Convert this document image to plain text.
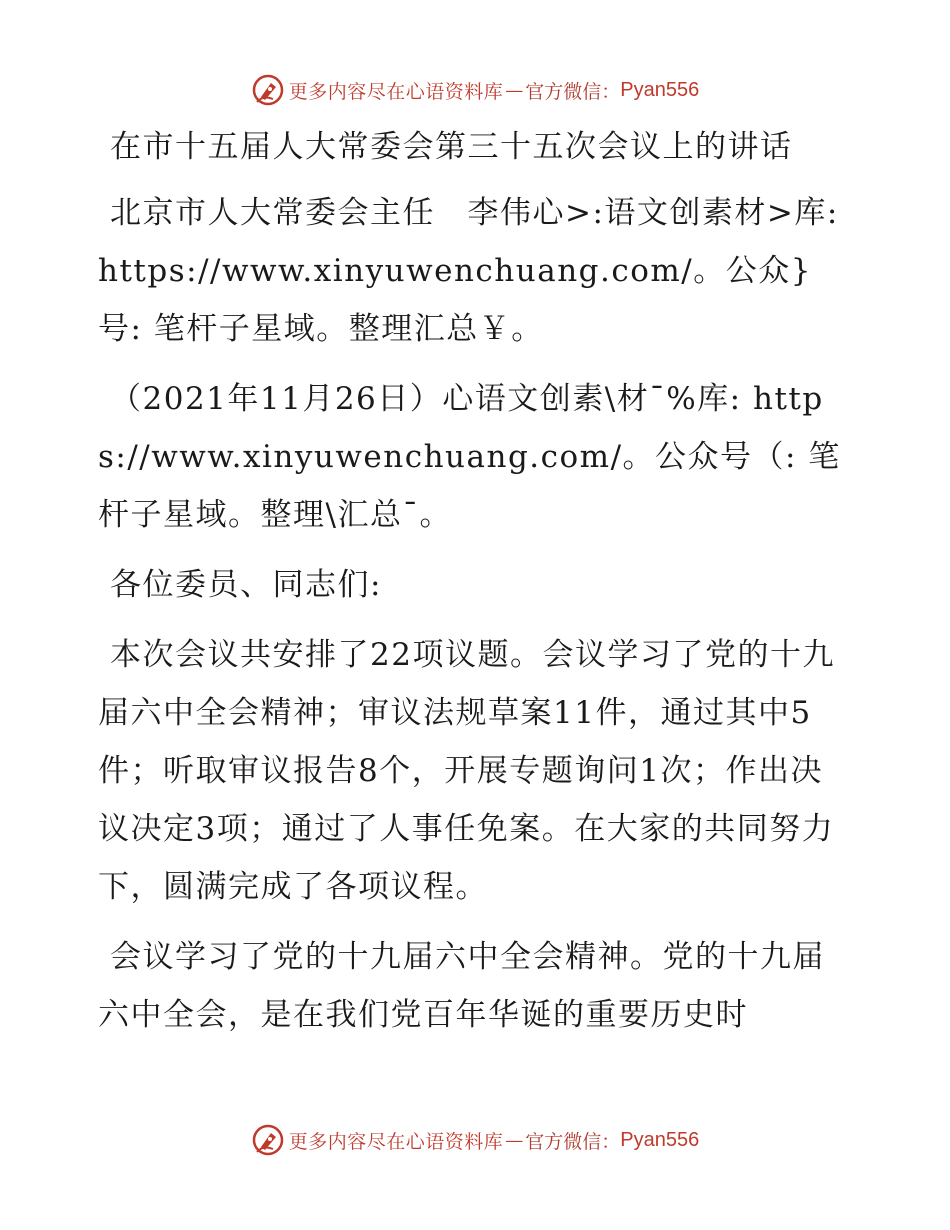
更多内容尽在心语资料库 — 官方微信： Pyan556

在市十五届人大常委会第三十五次会议上的讲话

北京市人大常委会主任　李伟心>:语文创素材>库: https://www.xinyuwenchuang.com/。公众}号: 笔杆子星域。整理汇总￥。

（2021年11月26日）心语文创素\材¯%库: https://www.xinyuwenchuang.com/。公众号（: 笔杆子星域。整理\汇总¯。

各位委员、同志们:

本次会议共安排了22项议题。会议学习了党的十九届六中全会精神；审议法规草案11件，通过其中5件；听取审议报告8个，开展专题询问1次；作出决议决定3项；通过了人事任免案。在大家的共同努力下，圆满完成了各项议程。

会议学习了党的十九届六中全会精神。党的十九届六中全会，是在我们党百年华诞的重要历史时

更多内容尽在心语资料库 — 官方微信： Pyan556
